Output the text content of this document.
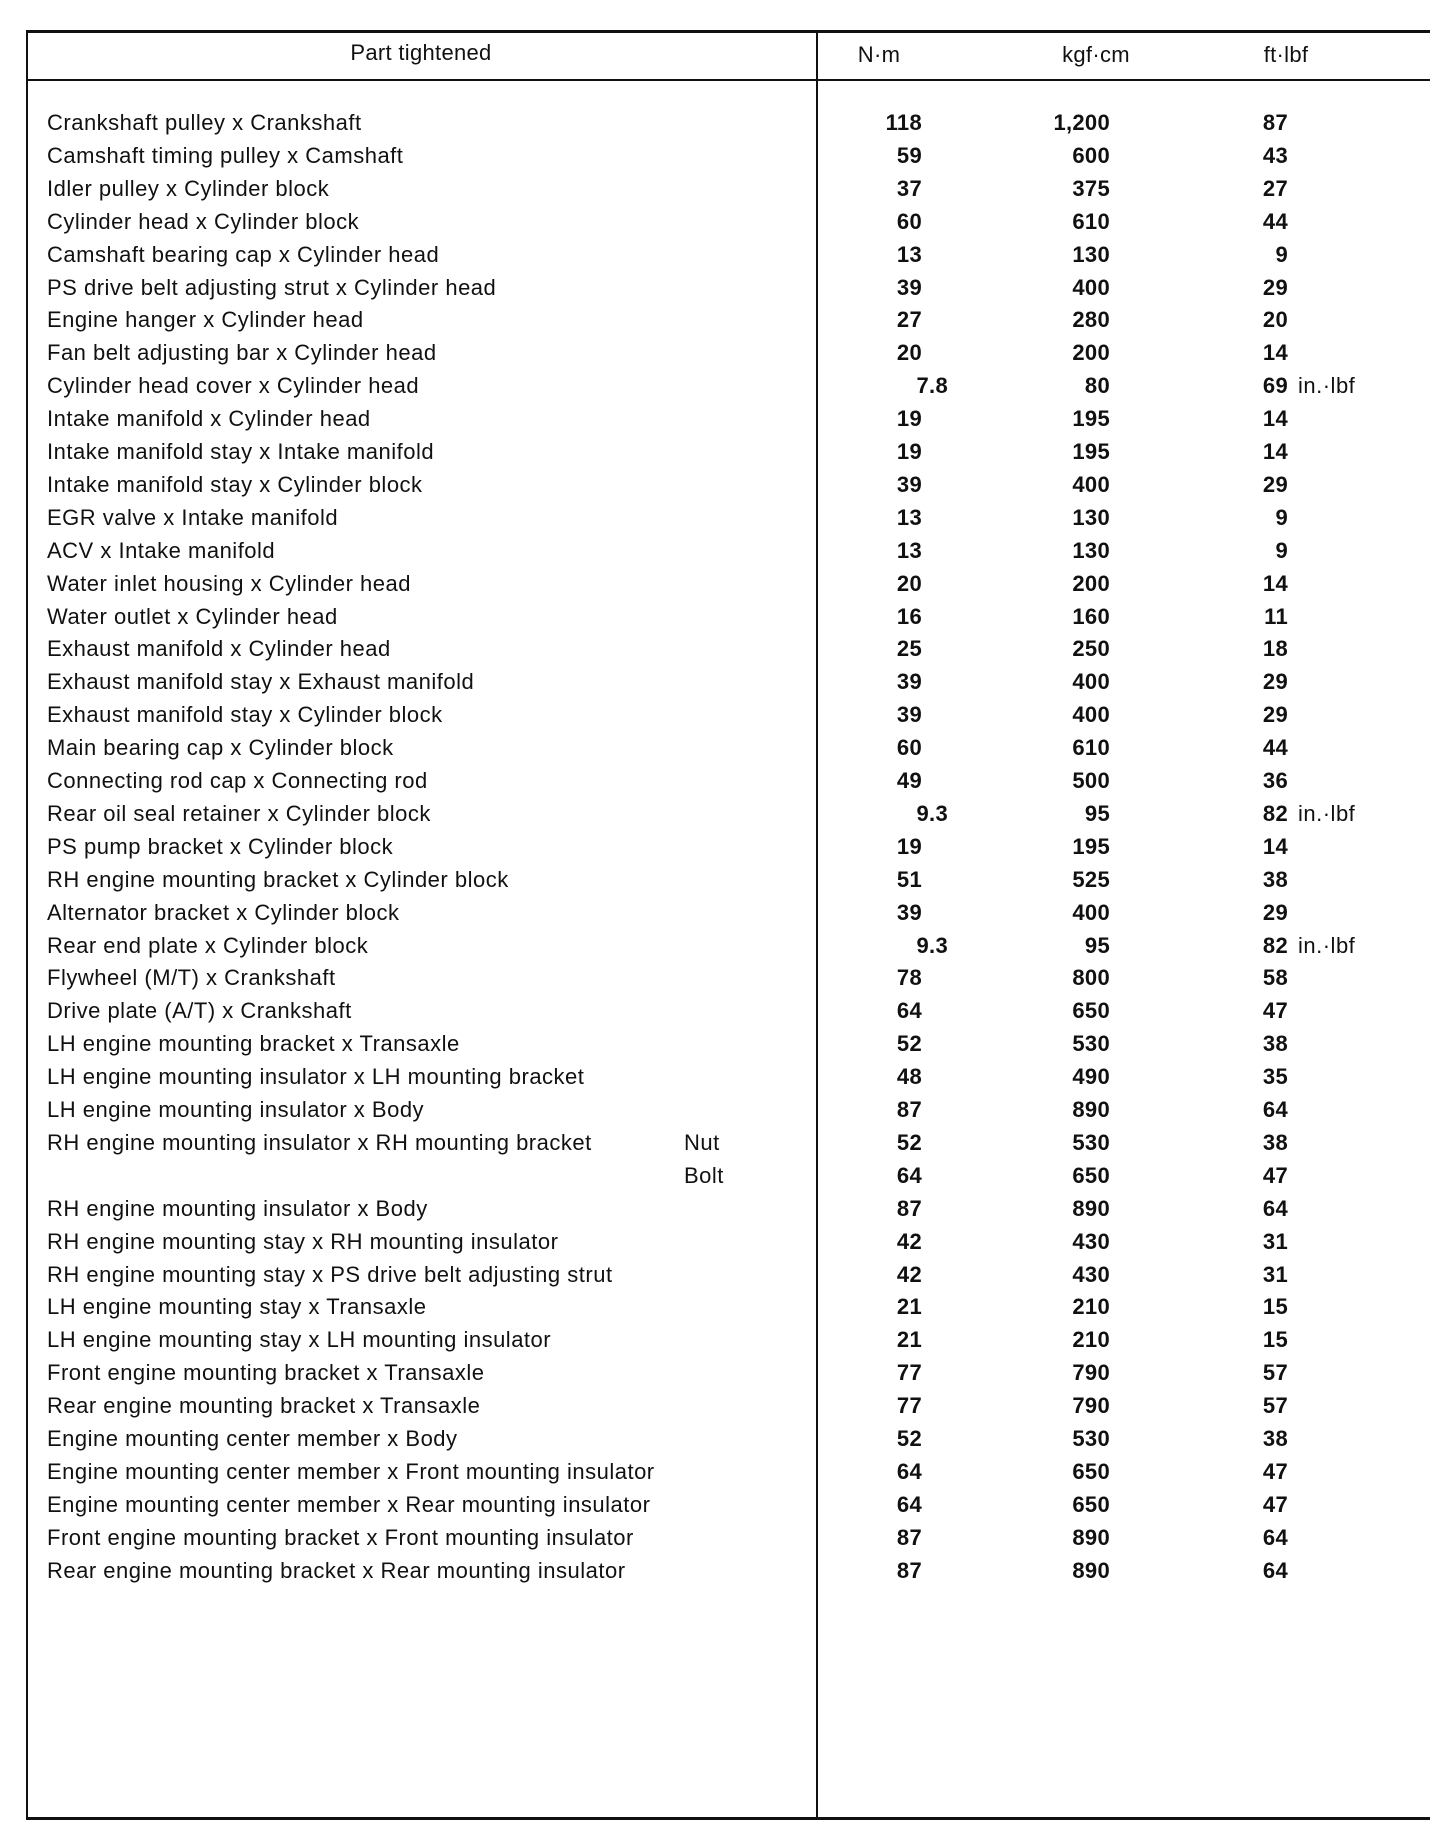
Part tightened	N·m	kgf·cm	ft·lbf
Crankshaft pulley x Crankshaft	118	1,200	87
Camshaft timing pulley x Camshaft	59	600	43
Idler pulley x Cylinder block	37	375	27
Cylinder head x Cylinder block	60	610	44
Camshaft bearing cap x Cylinder head	13	130	9
PS drive belt adjusting strut x Cylinder head	39	400	29
Engine hanger x Cylinder head	27	280	20
Fan belt adjusting bar x Cylinder head	20	200	14
Cylinder head cover x Cylinder head	7.8	80	69 in.·lbf
Intake manifold x Cylinder head	19	195	14
Intake manifold stay x Intake manifold	19	195	14
Intake manifold stay x Cylinder block	39	400	29
EGR valve x Intake manifold	13	130	9
ACV x Intake manifold	13	130	9
Water inlet housing x Cylinder head	20	200	14
Water outlet x Cylinder head	16	160	11
Exhaust manifold x Cylinder head	25	250	18
Exhaust manifold stay x Exhaust manifold	39	400	29
Exhaust manifold stay x Cylinder block	39	400	29
Main bearing cap x Cylinder block	60	610	44
Connecting rod cap x Connecting rod	49	500	36
Rear oil seal retainer x Cylinder block	9.3	95	82 in.·lbf
PS pump bracket x Cylinder block	19	195	14
RH engine mounting bracket x Cylinder block	51	525	38
Alternator bracket x Cylinder block	39	400	29
Rear end plate x Cylinder block	9.3	95	82 in.·lbf
Flywheel (M/T) x Crankshaft	78	800	58
Drive plate (A/T) x Crankshaft	64	650	47
LH engine mounting bracket x Transaxle	52	530	38
LH engine mounting insulator x LH mounting bracket	48	490	35
LH engine mounting insulator x Body	87	890	64
RH engine mounting insulator x RH mounting bracket	Nut	52	530	38
Bolt	64	650	47
RH engine mounting insulator x Body	87	890	64
RH engine mounting stay x RH mounting insulator	42	430	31
RH engine mounting stay x PS drive belt adjusting strut	42	430	31
LH engine mounting stay x Transaxle	21	210	15
LH engine mounting stay x LH mounting insulator	21	210	15
Front engine mounting bracket x Transaxle	77	790	57
Rear engine mounting bracket x Transaxle	77	790	57
Engine mounting center member x Body	52	530	38
Engine mounting center member x Front mounting insulator	64	650	47
Engine mounting center member x Rear mounting insulator	64	650	47
Front engine mounting bracket x Front mounting insulator	87	890	64
Rear engine mounting bracket x Rear mounting insulator	87	890	64
